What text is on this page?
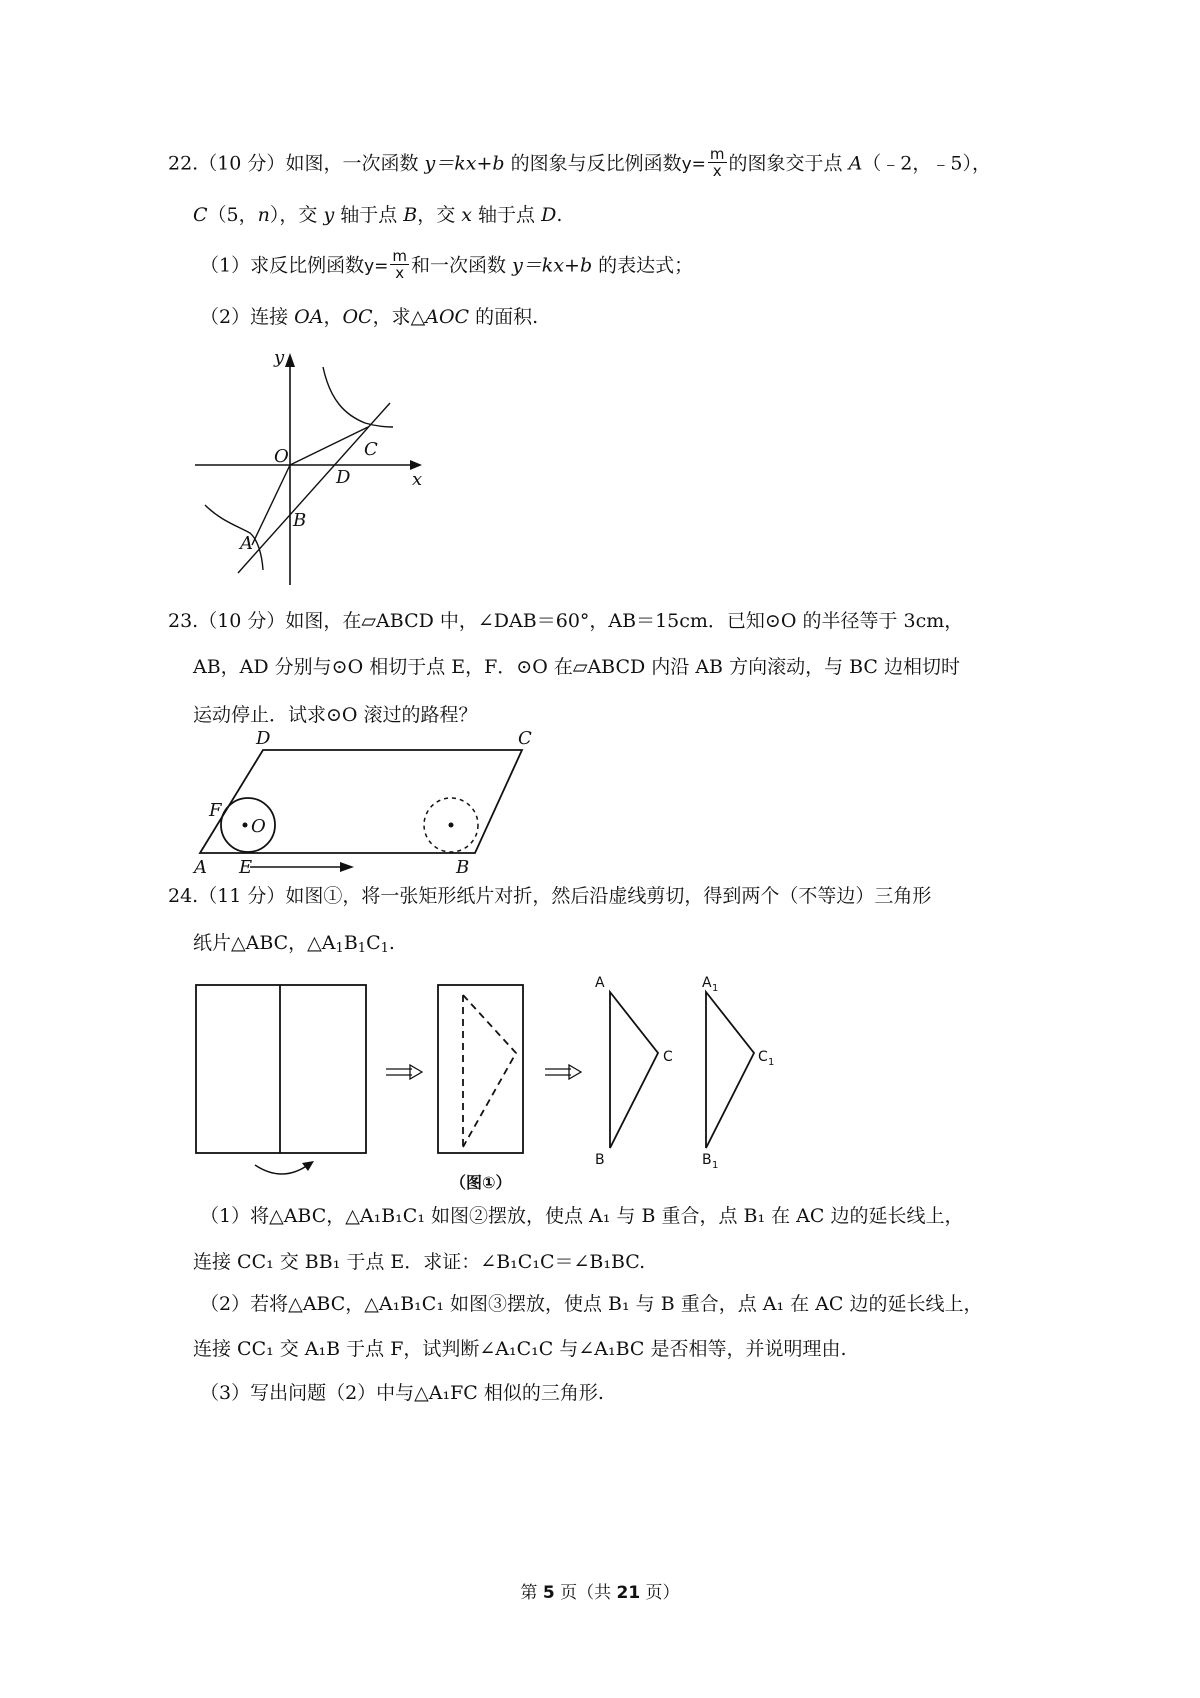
22.（10 分）如图，一次函数 y＝kx+b 的图象与反比例函数$y= \frac{m}{x}$ 的图象交于点 A（﹣2，﹣5），
C（5，n），交 y 轴于点 B，交 x 轴于点 D.
（1）求反比例函数$y= \frac{m}{x}$ 和一次函数 y＝kx+b 的表达式；
（2）连接 OA，OC，求△AOC 的面积.
y
x
O	C
D
B
A
23.（10 分）如图，在▱ABCD 中，∠DAB＝60°，AB＝15cm．已知⊙O 的半径等于 3cm，
AB，AD 分别与⊙O 相切于点 E，F．⊙O 在▱ABCD 内沿 AB 方向滚动，与 BC 边相切时
运动停止．试求⊙O 滚过的路程？
D	C
F
O
A E	B
24.（11 分）如图①，将一张矩形纸片对折，然后沿虚线剪切，得到两个（不等边）三角形
纸片△ABC，$\triangle A_1B_1C_1$.
（图①）
A
C
B
A 1
C 1
B 1
（1）将△ABC，△A₁B₁C₁ 如图②摆放，使点 A₁ 与 B 重合，点 B₁ 在 AC 边的延长线上，
连接 CC₁ 交 BB₁ 于点 E．求证：∠B₁C₁C＝∠B₁BC.
（2）若将△ABC，△A₁B₁C₁ 如图③摆放，使点 B₁ 与 B 重合，点 A₁ 在 AC 边的延长线上，
连接 CC₁ 交 A₁B 于点 F，试判断∠A₁C₁C 与∠A₁BC 是否相等，并说明理由.
（3）写出问题（2）中与△A₁FC 相似的三角形.
第 5 页（共 21 页）
